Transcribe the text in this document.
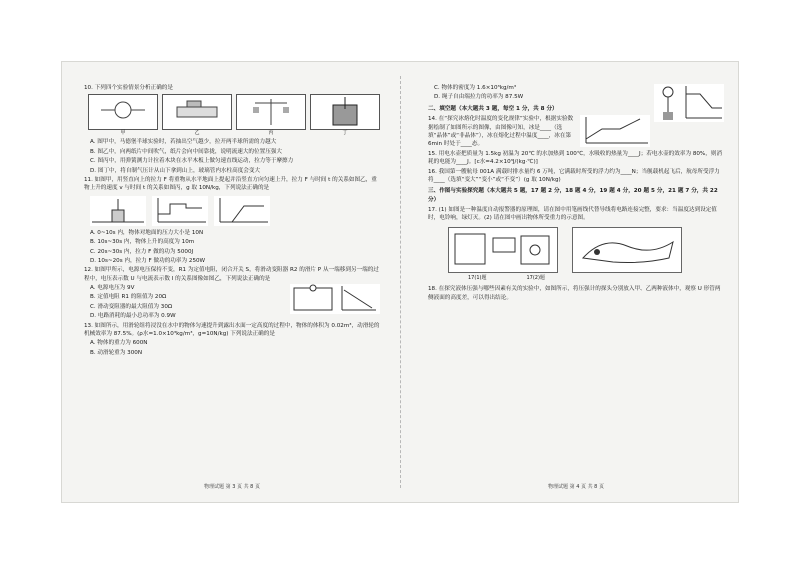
10. 下列四个实验情景分析正确的是
甲	乙	丙	丁
A. 图甲中，马德堡半球实验时，若抽出空气越少，拉开两半球所需的力越大
B. 图乙中，向两纸片中间吹气，纸片会向中间靠拢，说明流速大的位置压强大
C. 图丙中，用弹簧测力计拉着木块在水平木板上做匀速直线运动，拉力等于摩擦力
D. 图丁中，将自制气压计从山下拿到山上，玻璃管内水柱高度会变大
11. 如图甲，用竖直向上的拉力 F 将重物从水平地面上提起并沿竖直方向匀速上升，拉力 F 与时间 t 的关系如图乙，重物上升的速度 v 与时间 t 的关系如图丙，g 取 10N/kg，下列说法正确的是
A. 0~10s 内，物体对地面的压力大小是 10N
B. 10s~30s 内，物体上升的高度为 10m
C. 20s~30s 内，拉力 F 做的功为 5000J
D. 10s~20s 内，拉力 F 做功的功率为 250W
12. 如图甲所示，电源电压保持不变，R1 为定值电阻，闭合开关 S，将滑动变阻器 R2 的滑片 P 从一端移到另一端的过程中，电压表示数 U 与电流表示数 I 的关系图像如图乙，下列说法正确的是
A. 电源电压为 9V
B. 定值电阻 R1 的阻值为 20Ω
C. 滑动变阻器的最大阻值为 30Ω
D. 电路消耗的最小总功率为 0.9W
13. 如图所示，用滑轮组将浸没在水中的物体匀速提升到露出水面一定高度的过程中，物体的体积为 0.02m³，动滑轮的机械效率为 87.5%。(ρ水=1.0×10³kg/m³，g=10N/kg) 下列说法正确的是
A. 物体的重力为 600N
B. 动滑轮重为 300N
物理试题 第 3 页 共 8 页
C. 物体的密度为 1.6×10³kg/m³
D. 绳子自由端拉力的功率为 87.5W
二、填空题（本大题共 3 题，每空 1 分，共 8 分）
14. 在“探究冰熔化时温度的变化规律”实验中，根据实验数据绘制了如图所示的图像，由图像可知，冰是____（选填“晶体”或“非晶体”），冰在熔化过程中温度____，冰在第 6min 时处于____态。
15. 用电水壶把质量为 1.5kg 初温为 20℃ 的水加热到 100℃，水吸收的热量为____J；若电水壶的效率为 80%，则消耗的电能为____J。[c水=4.2×10³J/(kg·℃)]
16. 我国第一艘航母 001A 满载时排水量约 6 万吨，它满载时所受的浮力约为____N；当舰载机起飞后，航母所受浮力将____（选填“变大”“变小”或“不变”）(g 取 10N/kg)
三、作图与实验探究题（本大题共 5 题，17 题 2 分，18 题 4 分，19 题 4 分，20 题 5 分，21 题 7 分，共 22 分）
17. (1) 如图是一种温度自动报警器的原理图，请在图中用笔画线代替导线将电路连接完整，要求：当温度达到设定值时，电铃响，绿灯灭。(2) 请在图中画出物体所受重力的示意图。
17(1)题	17(2)题
18. 在探究液体压强与哪些因素有关的实验中，如图所示，将压强计的探头分别放入甲、乙两种液体中，观察 U 形管两侧液面的高度差，可以得出结论。
物理试题 第 4 页 共 8 页
